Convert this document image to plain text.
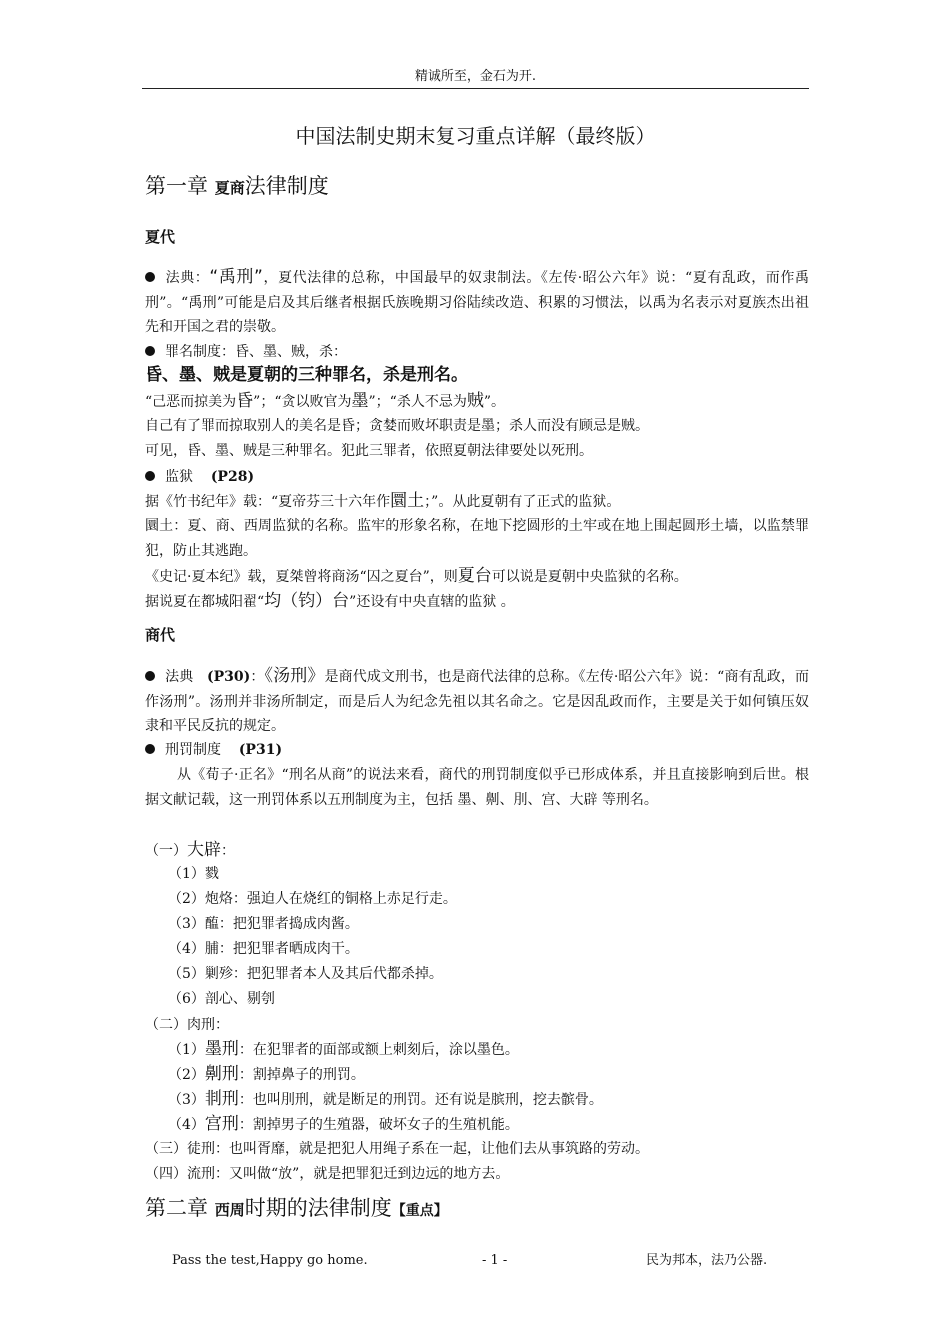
精诚所至，金石为开.
中国法制史期末复习重点详解（最终版）
第一章 夏商法律制度
夏代
法典：“禹刑”，夏代法律的总称，中国最早的奴隶制法。《左传·昭公六年》说：“夏有乱政，而作禹刑”。“禹刑”可能是启及其后继者根据氏族晚期习俗陆续改造、积累的习惯法，以禹为名表示对夏族杰出祖先和开国之君的崇敬。
罪名制度：昏、墨、贼，杀：
昏、墨、贼是夏朝的三种罪名，杀是刑名。
“己恶而掠美为昏”；“贪以败官为墨”；“杀人不忌为贼”。
自己有了罪而掠取别人的美名是昏；贪婪而败坏职责是墨；杀人而没有顾忌是贼。
可见，昏、墨、贼是三种罪名。犯此三罪者，依照夏朝法律要处以死刑。
监狱 (P28)
据《竹书纪年》载：“夏帝芬三十六年作圜土；”。从此夏朝有了正式的监狱。
圜土：夏、商、西周监狱的名称。监牢的形象名称，在地下挖圆形的土牢或在地上围起圆形土墙，以监禁罪犯，防止其逃跑。
《史记·夏本纪》载，夏桀曾将商汤“囚之夏台”，则夏台可以说是夏朝中央监狱的名称。
据说夏在都城阳翟“均（钧）台”还设有中央直辖的监狱 。
商代
法典 (P30)：《汤刑》是商代成文刑书，也是商代法律的总称。《左传·昭公六年》说：“商有乱政，而作汤刑”。汤刑并非汤所制定，而是后人为纪念先祖以其名命之。它是因乱政而作，主要是关于如何镇压奴隶和平民反抗的规定。
刑罚制度 (P31)
从《荀子·正名》“刑名从商”的说法来看，商代的刑罚制度似乎已形成体系，并且直接影响到后世。根据文献记载，这一刑罚体系以五刑制度为主，包括 墨、劓、刖、宫、大辟 等刑名。
（一）大辟：
（1）戮
（2）炮烙：强迫人在烧红的铜格上赤足行走。
（3）醢：把犯罪者捣成肉酱。
（4）脯：把犯罪者晒成肉干。
（5）剿殄：把犯罪者本人及其后代都杀掉。
（6）剖心、剔刳
（二）肉刑：
（1）墨刑：在犯罪者的面部或额上刺刻后，涂以墨色。
（2）劓刑：割掉鼻子的刑罚。
（3）剕刑：也叫刖刑，就是断足的刑罚。还有说是膑刑，挖去髌骨。
（4）宫刑：割掉男子的生殖器，破坏女子的生殖机能。
（三）徒刑：也叫胥靡，就是把犯人用绳子系在一起，让他们去从事筑路的劳动。
（四）流刑：又叫做“放”，就是把罪犯迁到边远的地方去。
第二章 西周时期的法律制度【重点】
Pass the test,Happy go home.	- 1 -	民为邦本，法乃公器.
